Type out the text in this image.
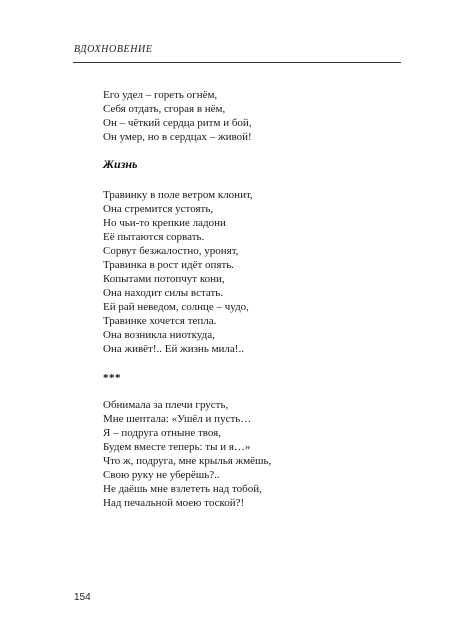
ВДОХНОВЕНИЕ
Его удел – гореть огнём,
Себя отдать, сгорая в нём,
Он – чёткий сердца ритм и бой,
Он умер, но в сердцах – живой!
Жизнь
Травинку в поле ветром клонит,
Она стремится устоять,
Но чьи-то крепкие ладони
Её пытаются сорвать.
Сорвут безжалостно, уронят,
Травинка в рост идёт опять.
Копытами потопчут кони,
Она находит силы встать.
Ей рай неведом, солнце – чудо,
Травинке хочется тепла.
Она возникла ниоткуда,
Она живёт!.. Ей жизнь мила!..
***
Обнимала за плечи грусть,
Мне шептала: «Ушёл и пусть…
Я – подруга отныне твоя,
Будем вместе теперь: ты и я…»
Что ж, подруга, мне крылья жмёшь,
Свою руку не уберёшь?..
Не даёшь мне взлететь над тобой,
Над печальной моею тоской?!
154
